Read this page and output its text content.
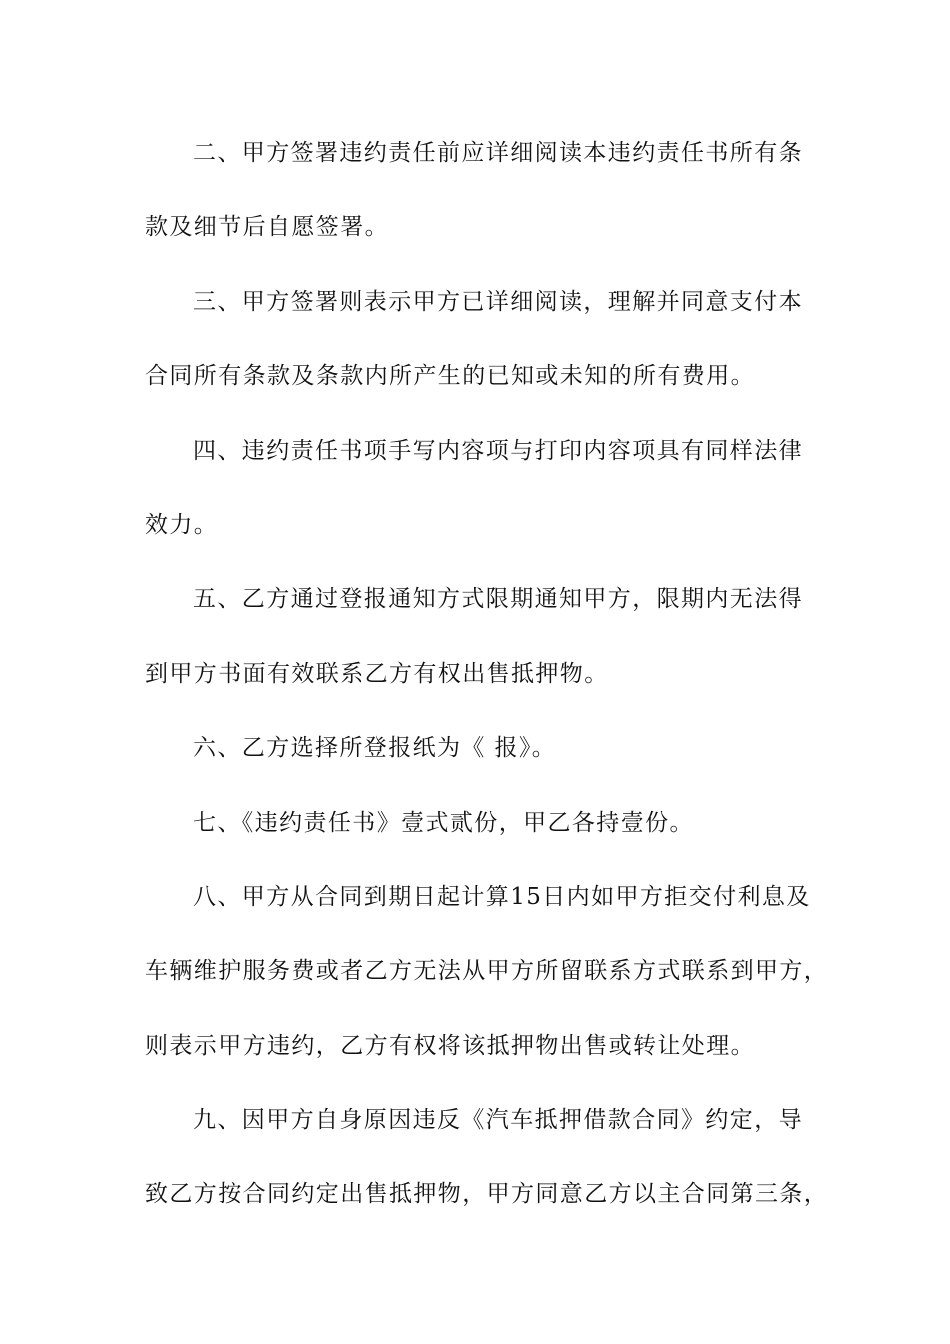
二、甲方签署违约责任前应详细阅读本违约责任书所有条
款及细节后自愿签署。
三、甲方签署则表示甲方已详细阅读，理解并同意支付本
合同所有条款及条款内所产生的已知或未知的所有费用。
四、违约责任书项手写内容项与打印内容项具有同样法律
效力。
五、乙方通过登报通知方式限期通知甲方，限期内无法得
到甲方书面有效联系乙方有权出售抵押物。
六、乙方选择所登报纸为《 报》。
七、《违约责任书》壹式贰份，甲乙各持壹份。
八、甲方从合同到期日起计算15日内如甲方拒交付利息及
车辆维护服务费或者乙方无法从甲方所留联系方式联系到甲方，
则表示甲方违约，乙方有权将该抵押物出售或转让处理。
九、因甲方自身原因违反《汽车抵押借款合同》约定，导
致乙方按合同约定出售抵押物，甲方同意乙方以主合同第三条，
